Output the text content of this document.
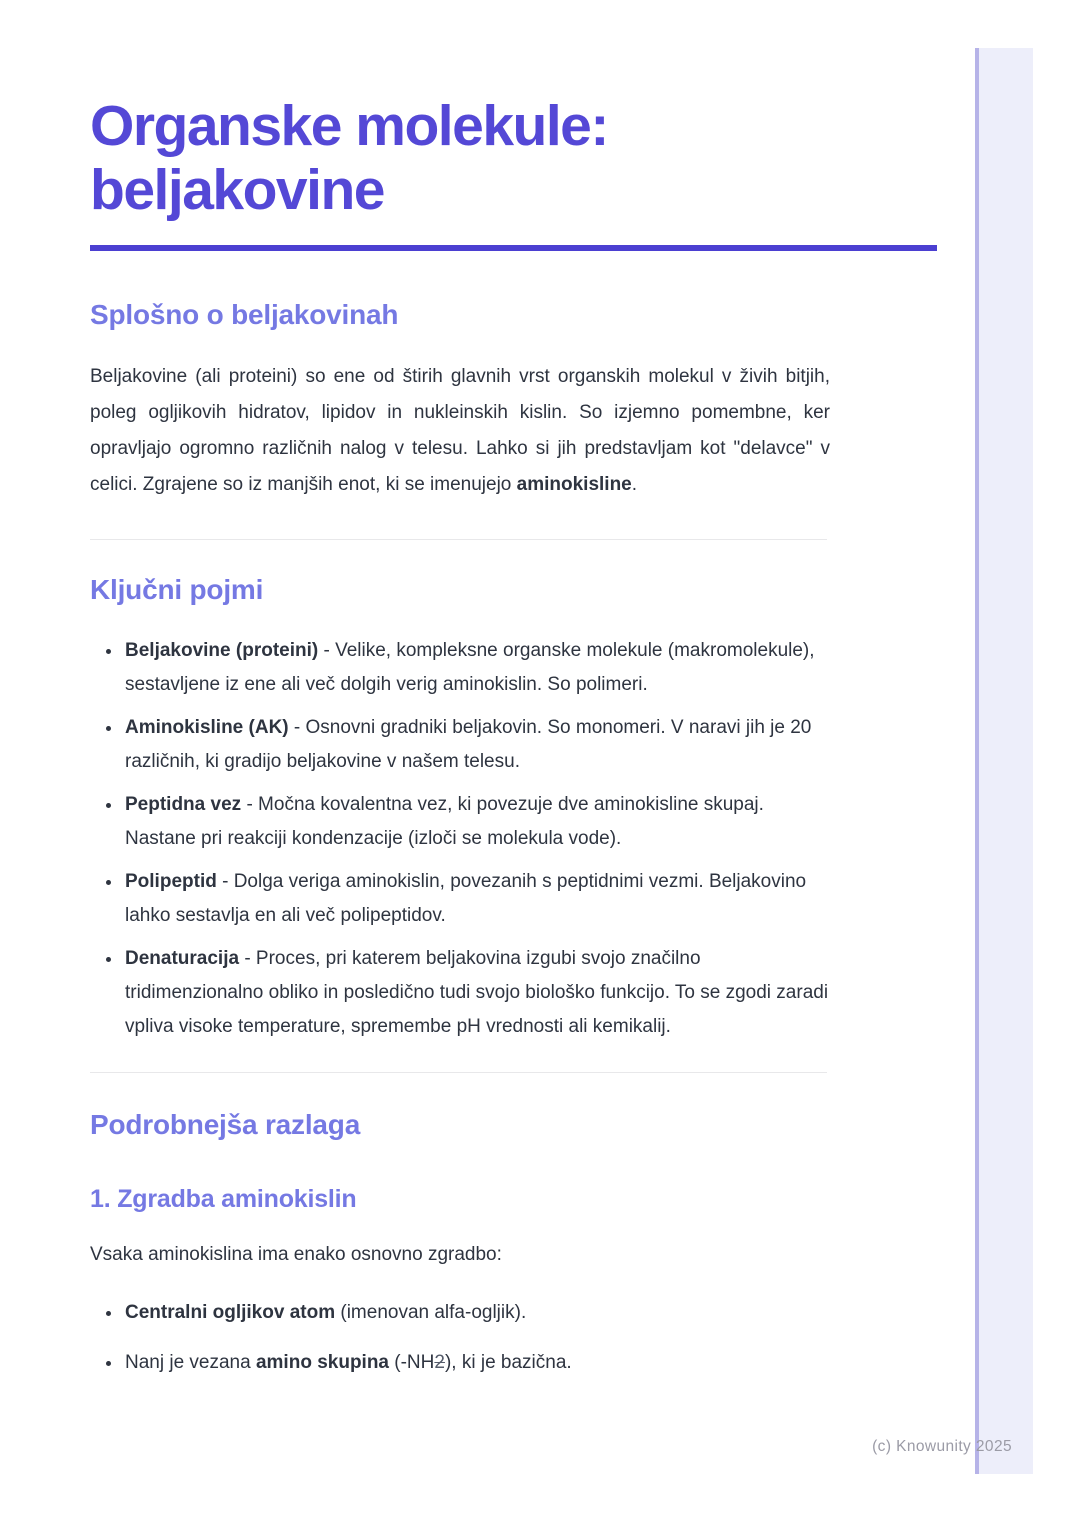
Organske molekule: beljakovine
Splošno o beljakovinah

Beljakovine (ali proteini) so ene od štirih glavnih vrst organskih molekul v živih bitjih, poleg ogljikovih hidratov, lipidov in nukleinskih kislin. So izjemno pomembne, ker opravljajo ogromno različnih nalog v telesu. Lahko si jih predstavljam kot "delavce" v celici. Zgrajene so iz manjših enot, ki se imenujejo aminokisline.

Ključni pojmi
• Beljakovine (proteini) - Velike, kompleksne organske molekule (makromolekule), sestavljene iz ene ali več dolgih verig aminokislin. So polimeri.
• Aminokisline (AK) - Osnovni gradniki beljakovin. So monomeri. V naravi jih je 20 različnih, ki gradijo beljakovine v našem telesu.
• Peptidna vez - Močna kovalentna vez, ki povezuje dve aminokisline skupaj. Nastane pri reakciji kondenzacije (izloči se molekula vode).
• Polipeptid - Dolga veriga aminokislin, povezanih s peptidnimi vezmi. Beljakovino lahko sestavlja en ali več polipeptidov.
• Denaturacija - Proces, pri katerem beljakovina izgubi svojo značilno tridimenzionalno obliko in posledično tudi svojo biološko funkcijo. To se zgodi zaradi vpliva visoke temperature, spremembe pH vrednosti ali kemikalij.
Podrobnejša razlaga
1. Zgradba aminokislin

Vsaka aminokislina ima enako osnovno zgradbo:

• Centralni ogljikov atom (imenovan alfa-ogljik).
• Nanj je vezana amino skupina (-NH2), ki je bazična.
(c) Knowunity 2025
